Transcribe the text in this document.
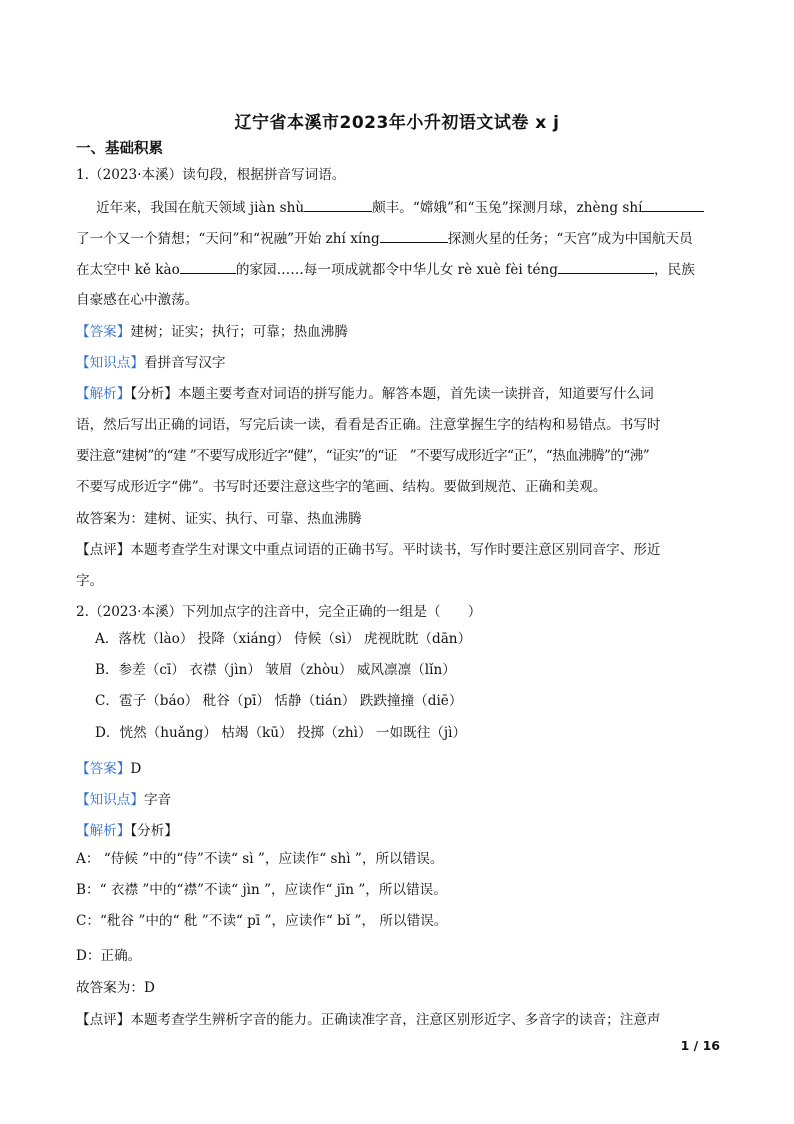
辽宁省本溪市2023年小升初语文试卷 x j
一、基础积累
1.（2023·本溪）读句段，根据拼音写词语。
近年来，我国在航天领域 jiàn shù	颇丰。“嫦娥”和“玉兔”探测月球，zhèng shí
了一个又一个猜想；“天问”和“祝融”开始 zhí xíng	探测火星的任务；“天宫”成为中国航天员
在太空中 kě kào	的家园……每一项成就都令中华儿女 rè xuè fèi téng	，民族
自豪感在心中激荡。
【答案】建树；证实；执行；可靠；热血沸腾
【知识点】看拼音写汉字
【解析】【分析】本题主要考查对词语的拼写能力。解答本题，首先读一读拼音，知道要写什么词
语，然后写出正确的词语，写完后读一读，看看是否正确。注意掌握生字的结构和易错点。书写时
要注意“建树”的“建 ”不要写成形近字“健”，“证实”的“证　”不要写成形近字“正”，“热血沸腾”的“沸”
不要写成形近字“佛”。书写时还要注意这些字的笔画、结构。要做到规范、正确和美观。
故答案为：建树、证实、执行、可靠、热血沸腾
【点评】本题考查学生对课文中重点词语的正确书写。平时读书，写作时要注意区别同音字、形近
字。
2.（2023·本溪）下列加点字的注音中，完全正确的一组是（　　）
A．落枕（lào） 投降（xiáng） 侍候（sì） 虎视眈眈（dān）
B．参差（cī） 衣襟（jìn） 皱眉（zhòu） 威风凛凛（lǐn）
C．雹子（báo） 秕谷（pī） 恬静（tián） 跌跌撞撞（diē）
D．恍然（huǎng） 枯竭（kū） 投掷（zhì） 一如既往（jì）
【答案】D
【知识点】字音
【解析】【分析】
A： “侍候 ”中的“侍”不读“ sì ”，应读作“ shì ”，所以错误。
B：“ 衣襟 ”中的“襟”不读“ jìn ”，应读作“ jīn ”，所以错误。
C：“秕谷 ”中的“ 秕 ”不读“ pī ”，应读作“ bǐ ”， 所以错误。
D：正确。
故答案为：D
【点评】本题考查学生辨析字音的能力。正确读准字音，注意区别形近字、多音字的读音；注意声
1 / 16
